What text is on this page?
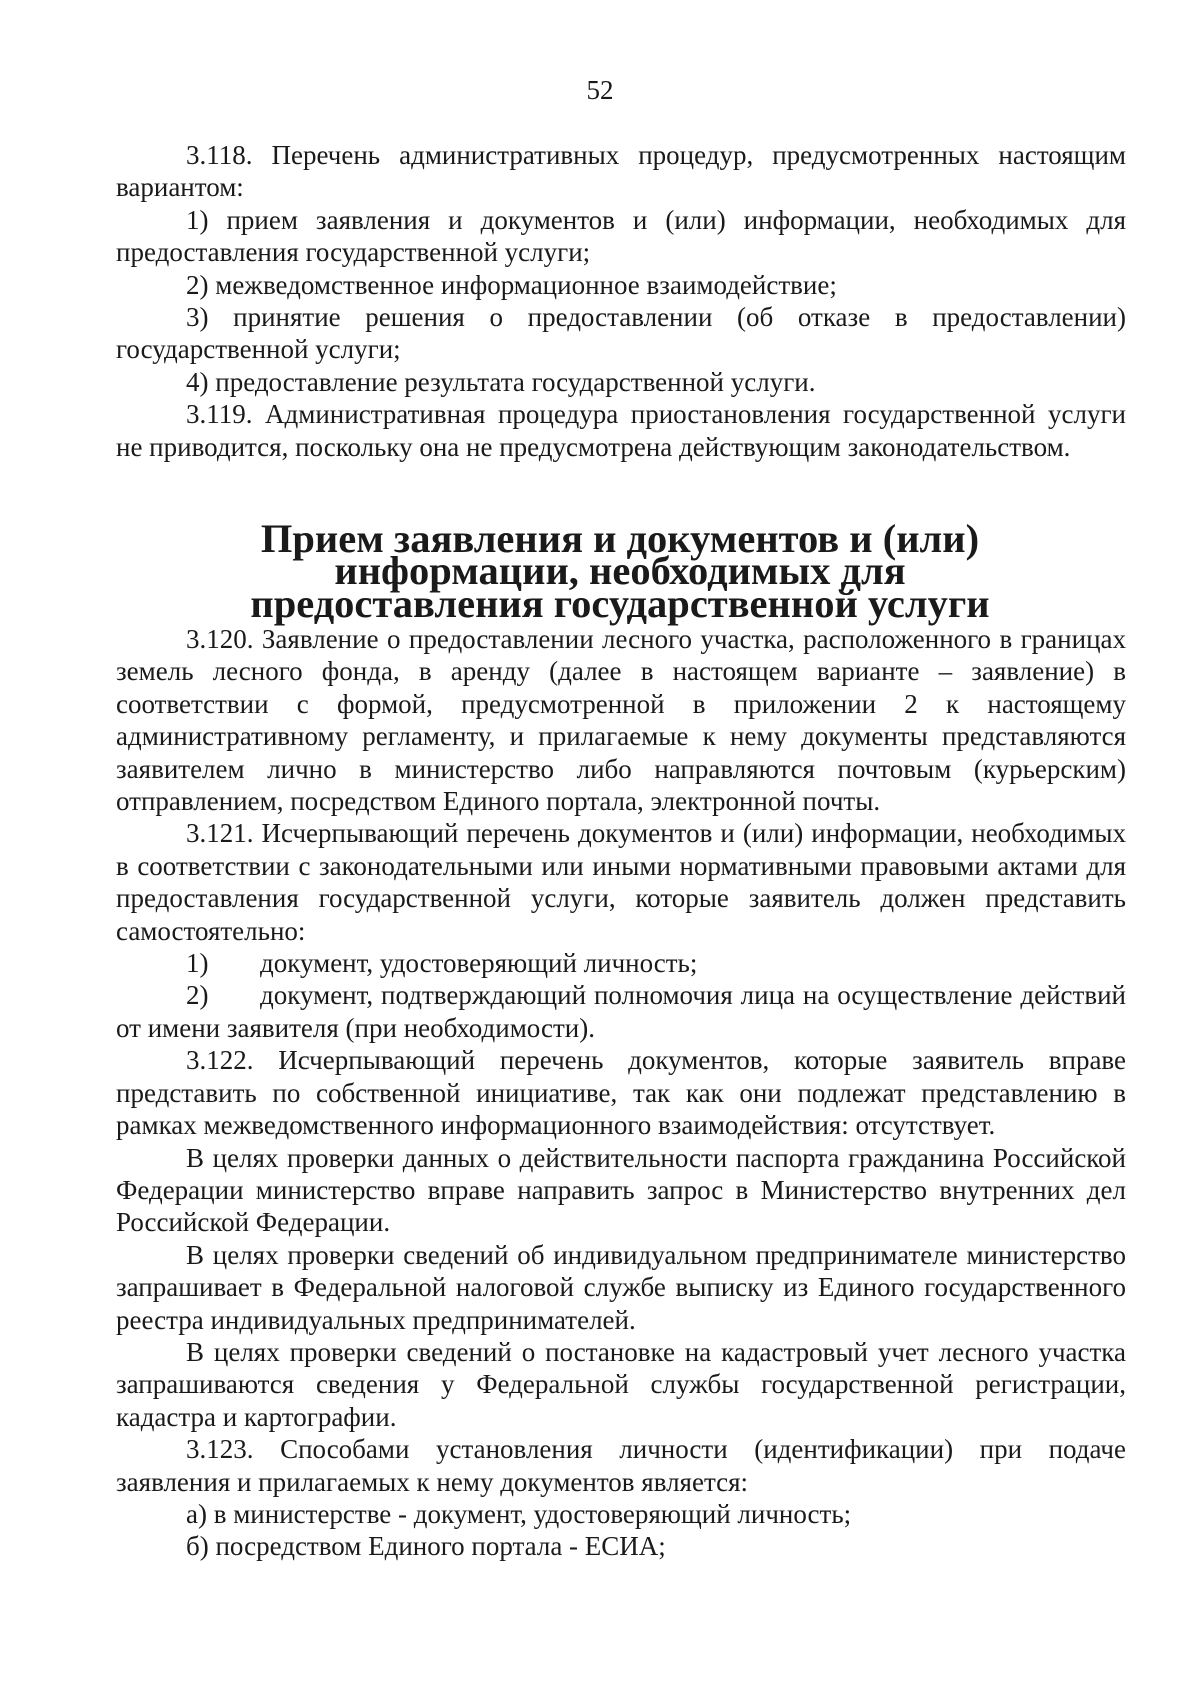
52

3.118. Перечень административных процедур, предусмотренных настоящим вариантом:

1) прием заявления и документов и (или) информации, необходимых для предоставления государственной услуги;

2) межведомственное информационное взаимодействие;

3) принятие решения о предоставлении (об отказе в предоставлении) государственной услуги;

4) предоставление результата государственной услуги.

3.119. Административная процедура приостановления государственной услуги не приводится, поскольку она не предусмотрена действующим законодательством.

Прием заявления и документов и (или) информации, необходимых для
предоставления государственной услуги

3.120. Заявление о предоставлении лесного участка, расположенного в границах земель лесного фонда, в аренду (далее в настоящем варианте – заявление) в соответствии с формой, предусмотренной в приложении 2 к настоящему административному регламенту, и прилагаемые к нему документы представляются заявителем лично в министерство либо направляются почтовым (курьерским) отправлением, посредством Единого портала, электронной почты.

3.121. Исчерпывающий перечень документов и (или) информации, необходимых в соответствии с законодательными или иными нормативными правовыми актами для предоставления государственной услуги, которые заявитель должен представить самостоятельно:

1) документ, удостоверяющий личность;

2) документ, подтверждающий полномочия лица на осуществление действий от имени заявителя (при необходимости).

3.122. Исчерпывающий перечень документов, которые заявитель вправе представить по собственной инициативе, так как они подлежат представлению в рамках межведомственного информационного взаимодействия: отсутствует.

В целях проверки данных о действительности паспорта гражданина Российской Федерации министерство вправе направить запрос в Министерство внутренних дел Российской Федерации.

В целях проверки сведений об индивидуальном предпринимателе министерство запрашивает в Федеральной налоговой службе выписку из Единого государственного реестра индивидуальных предпринимателей.

В целях проверки сведений о постановке на кадастровый учет лесного участка запрашиваются сведения у Федеральной службы государственной регистрации, кадастра и картографии.

3.123. Способами установления личности (идентификации) при подаче заявления и прилагаемых к нему документов является:

а) в министерстве - документ, удостоверяющий личность;

б) посредством Единого портала - ЕСИА;
